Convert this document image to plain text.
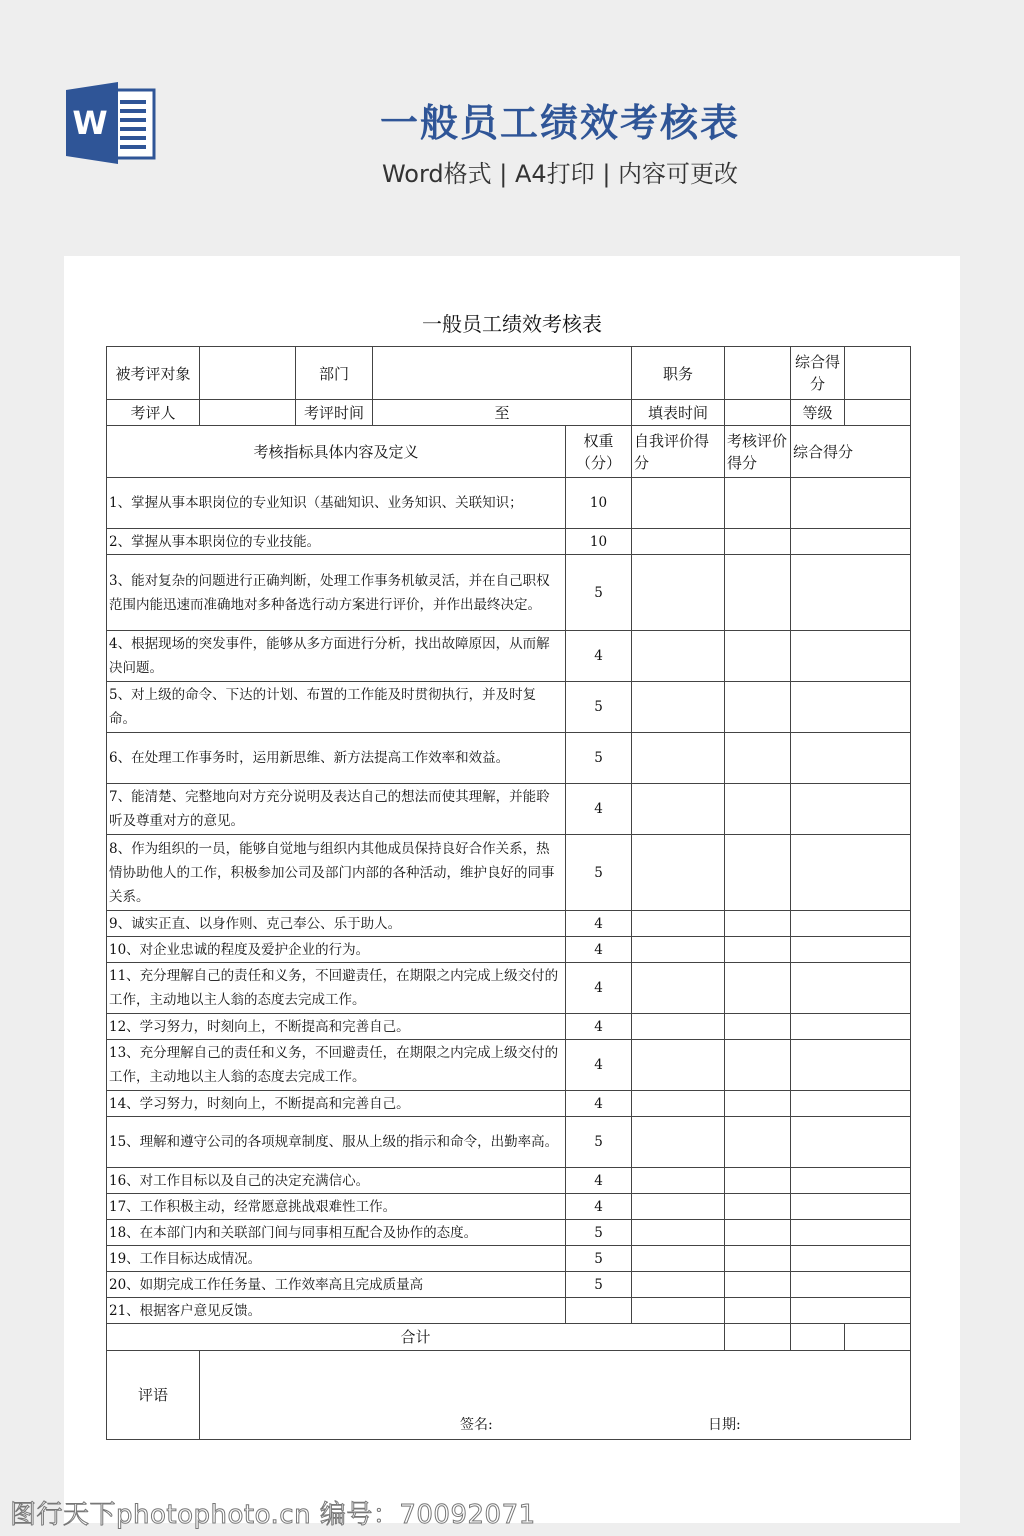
W	一般员工绩效考核表
Word格式 | A4打印 | 内容可更改
一般员工绩效考核表
被考评对象		部门		职务		综合得分	
考评人		考评时间	至	填表时间		等级	
考核指标具体内容及定义		权重（分）	自我评价得分	考核评价得分	综合得分	
1、掌握从事本职岗位的专业知识（基础知识、业务知识、关联知识；		10				
2、掌握从事本职岗位的专业技能。		10				
3、能对复杂的问题进行正确判断，处理工作事务机敏灵活，并在自己职权范围内能迅速而准确地对多种备选行动方案进行评价，并作出最终决定。		5				
4、根据现场的突发事件，能够从多方面进行分析，找出故障原因，从而解决问题。		4				
5、对上级的命令、下达的计划、布置的工作能及时贯彻执行，并及时复命。		5				
6、在处理工作事务时，运用新思维、新方法提高工作效率和效益。		5				
7、能清楚、完整地向对方充分说明及表达自己的想法而使其理解，并能聆听及尊重对方的意见。		4				
8、作为组织的一员，能够自觉地与组织内其他成员保持良好合作关系，热情协助他人的工作，积极参加公司及部门内部的各种活动，维护良好的同事关系。		5				
9、诚实正直、以身作则、克己奉公、乐于助人。		4				
10、对企业忠诚的程度及爱护企业的行为。		4				
11、充分理解自己的责任和义务，不回避责任，在期限之内完成上级交付的工作，主动地以主人翁的态度去完成工作。		4				
12、学习努力，时刻向上，不断提高和完善自己。		4				
13、充分理解自己的责任和义务，不回避责任，在期限之内完成上级交付的工作，主动地以主人翁的态度去完成工作。		4				
14、学习努力，时刻向上，不断提高和完善自己。		4				
15、理解和遵守公司的各项规章制度、服从上级的指示和命令，出勤率高。		5				
16、对工作目标以及自己的决定充满信心。		4				
17、工作积极主动，经常愿意挑战艰难性工作。		4				
18、在本部门内和关联部门间与同事相互配合及协作的态度。		5				
19、工作目标达成情况。		5				
20、如期完成工作任务量、工作效率高且完成质量高		5				
21、根据客户意见反馈。						
合计						
评语	签名: 日期:					
图行天下photophoto.cn 编号：70092071
